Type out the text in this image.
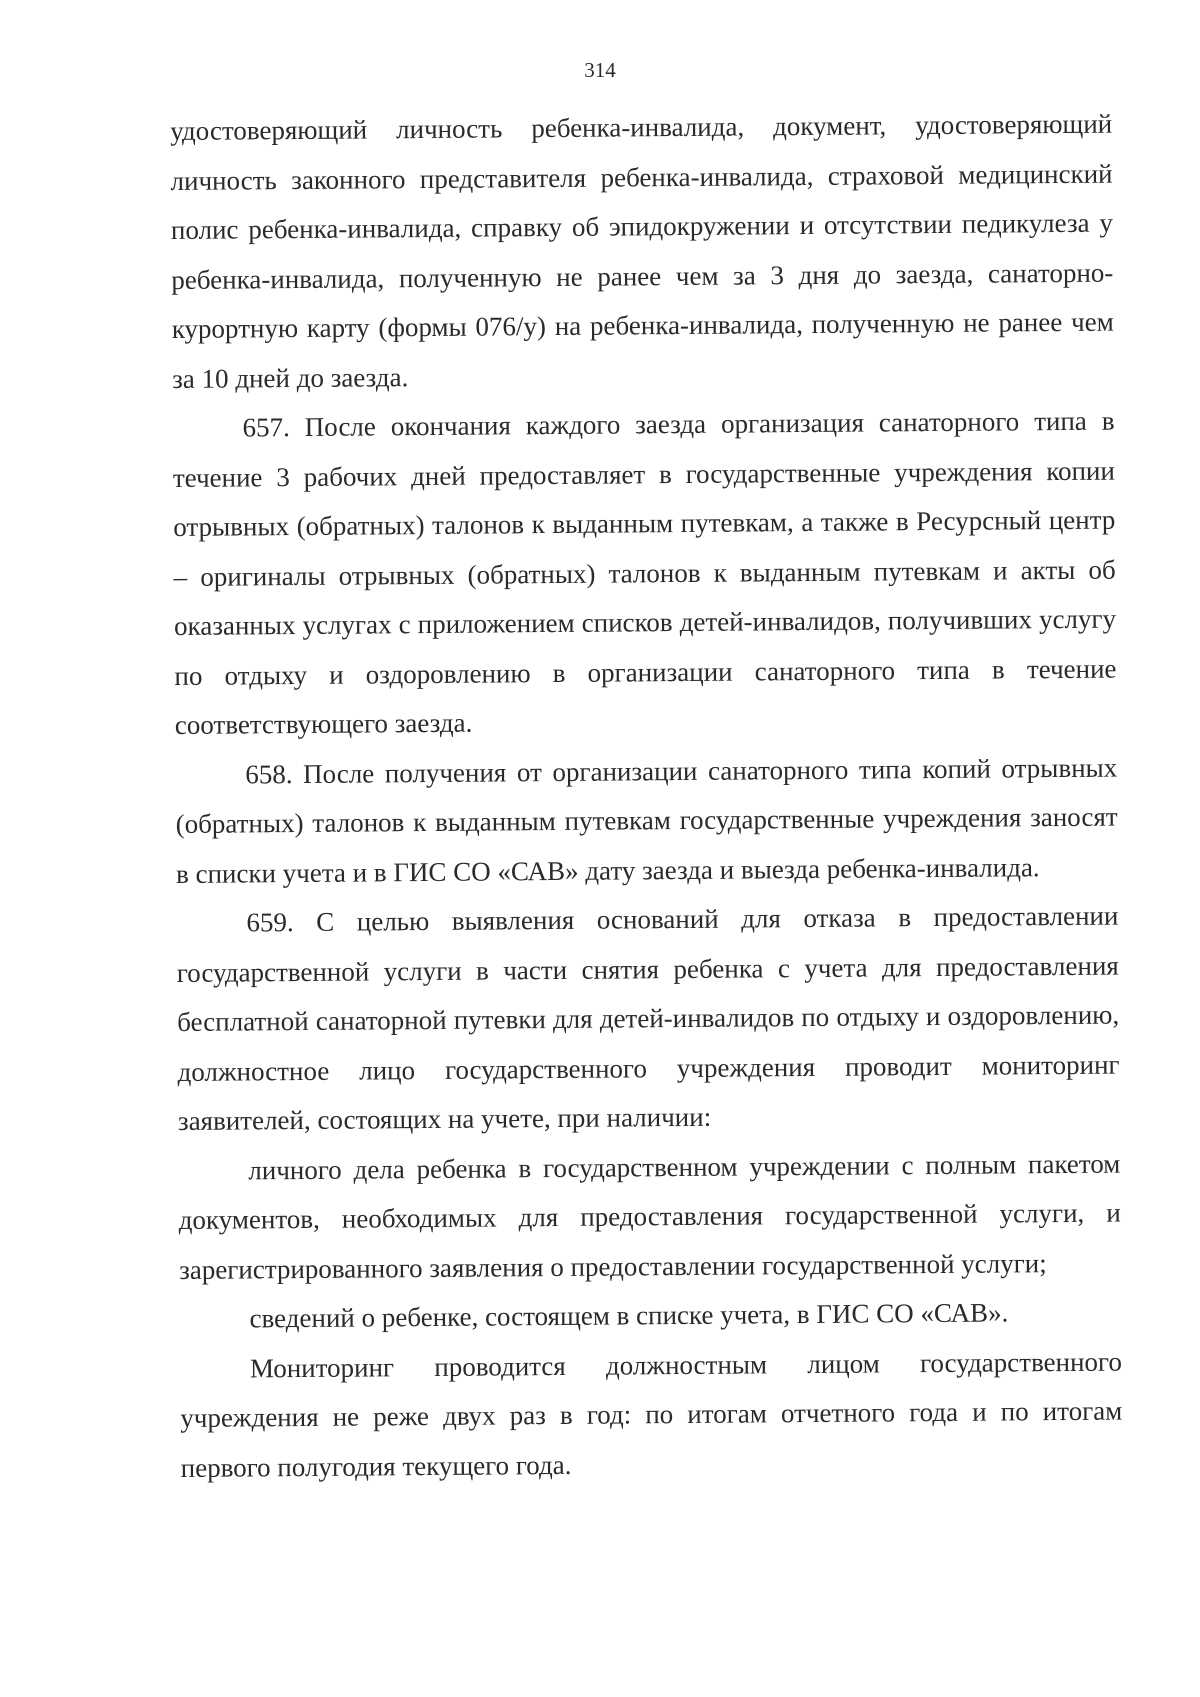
314

удостоверяющий личность ребенка-инвалида, документ, удостоверяющий личность законного представителя ребенка-инвалида, страховой медицинский полис ребенка-инвалида, справку об эпидокружении и отсутствии педикулеза у ребенка-инвалида, полученную не ранее чем за 3 дня до заезда, санаторно-курортную карту (формы 076/у) на ребенка-инвалида, полученную не ранее чем за 10 дней до заезда.

657. После окончания каждого заезда организация санаторного типа в течение 3 рабочих дней предоставляет в государственные учреждения копии отрывных (обратных) талонов к выданным путевкам, а также в Ресурсный центр – оригиналы отрывных (обратных) талонов к выданным путевкам и акты об оказанных услугах с приложением списков детей-инвалидов, получивших услугу по отдыху и оздоровлению в организации санаторного типа в течение соответствующего заезда.

658. После получения от организации санаторного типа копий отрывных (обратных) талонов к выданным путевкам государственные учреждения заносят в списки учета и в ГИС СО «САВ» дату заезда и выезда ребенка-инвалида.

659. С целью выявления оснований для отказа в предоставлении государственной услуги в части снятия ребенка с учета для предоставления бесплатной санаторной путевки для детей-инвалидов по отдыху и оздоровлению, должностное лицо государственного учреждения проводит мониторинг заявителей, состоящих на учете, при наличии:

личного дела ребенка в государственном учреждении с полным пакетом документов, необходимых для предоставления государственной услуги, и зарегистрированного заявления о предоставлении государственной услуги;

сведений о ребенке, состоящем в списке учета, в ГИС СО «САВ».

Мониторинг проводится должностным лицом государственного учреждения не реже двух раз в год: по итогам отчетного года и по итогам первого полугодия текущего года.
